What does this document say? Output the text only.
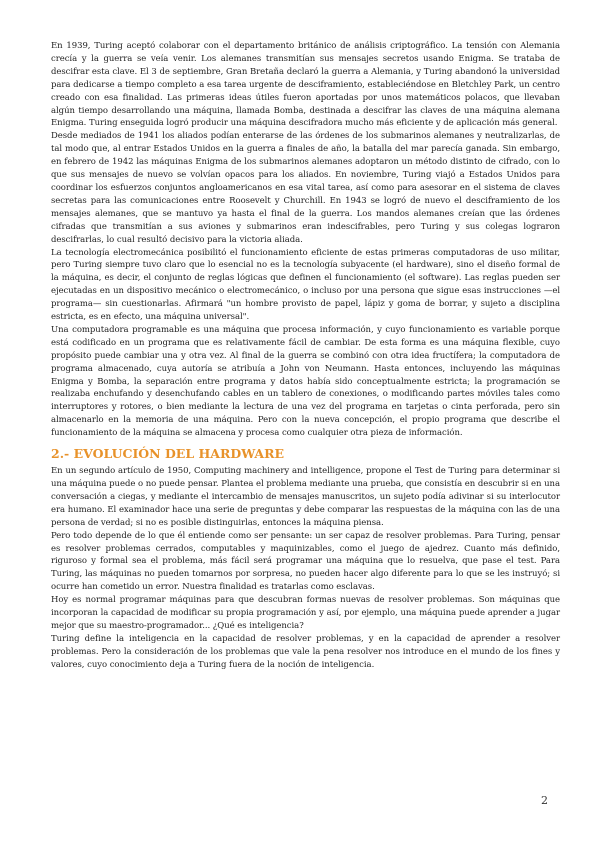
En 1939, Turing aceptó colaborar con el departamento británico de análisis criptográfico. La tensión con Alemania crecía y la guerra se veía venir. Los alemanes transmitían sus mensajes secretos usando Enigma. Se trataba de descifrar esta clave. El 3 de septiembre, Gran Bretaña declaró la guerra a Alemania, y Turing abandonó la universidad para dedicarse a tiempo completo a esa tarea urgente de desciframiento, estableciéndose en Bletchley Park, un centro creado con esa finalidad. Las primeras ideas útiles fueron aportadas por unos matemáticos polacos, que llevaban algún tiempo desarrollando una máquina, llamada Bomba, destinada a descifrar las claves de una máquina alemana Enigma. Turing enseguida logró producir una máquina descifradora mucho más eficiente y de aplicación más general.

Desde mediados de 1941 los aliados podían enterarse de las órdenes de los submarinos alemanes y neutralizarlas, de tal modo que, al entrar Estados Unidos en la guerra a finales de año, la batalla del mar parecía ganada. Sin embargo, en febrero de 1942 las máquinas Enigma de los submarinos alemanes adoptaron un método distinto de cifrado, con lo que sus mensajes de nuevo se volvían opacos para los aliados. En noviembre, Turing viajó a Estados Unidos para coordinar los esfuerzos conjuntos angloamericanos en esa vital tarea, así como para asesorar en el sistema de claves secretas para las comunicaciones entre Roosevelt y Churchill. En 1943 se logró de nuevo el desciframiento de los mensajes alemanes, que se mantuvo ya hasta el final de la guerra. Los mandos alemanes creían que las órdenes cifradas que transmitían a sus aviones y submarinos eran indescifrables, pero Turing y sus colegas lograron descifrarlas, lo cual resultó decisivo para la victoria aliada.

La tecnología electromecánica posibilitó el funcionamiento eficiente de estas primeras computadoras de uso militar, pero Turing siempre tuvo claro que lo esencial no es la tecnología subyacente (el hardware), sino el diseño formal de la máquina, es decir, el conjunto de reglas lógicas que definen el funcionamiento (el software). Las reglas pueden ser ejecutadas en un dispositivo mecánico o electromecánico, o incluso por una persona que sigue esas instrucciones —el programa— sin cuestionarlas. Afirmará "un hombre provisto de papel, lápiz y goma de borrar, y sujeto a disciplina estricta, es en efecto, una máquina universal".

Una computadora programable es una máquina que procesa información, y cuyo funcionamiento es variable porque está codificado en un programa que es relativamente fácil de cambiar. De esta forma es una máquina flexible, cuyo propósito puede cambiar una y otra vez. Al final de la guerra se combinó con otra idea fructífera; la computadora de programa almacenado, cuya autoría se atribuía a John von Neumann. Hasta entonces, incluyendo las máquinas Enigma y Bomba, la separación entre programa y datos había sido conceptualmente estricta; la programación se realizaba enchufando y desenchufando cables en un tablero de conexiones, o modificando partes móviles tales como interruptores y rotores, o bien mediante la lectura de una vez del programa en tarjetas o cinta perforada, pero sin almacenarlo en la memoria de una máquina. Pero con la nueva concepción, el propio programa que describe el funcionamiento de la máquina se almacena y procesa como cualquier otra pieza de información.

2.- EVOLUCIÓN DEL HARDWARE

En un segundo artículo de 1950, Computing machinery and intelligence, propone el Test de Turing para determinar si una máquina puede o no puede pensar. Plantea el problema mediante una prueba, que consistía en descubrir si en una conversación a ciegas, y mediante el intercambio de mensajes manuscritos, un sujeto podía adivinar si su interlocutor era humano. El examinador hace una serie de preguntas y debe comparar las respuestas de la máquina con las de una persona de verdad; si no es posible distinguirlas, entonces la máquina piensa.

Pero todo depende de lo que él entiende como ser pensante: un ser capaz de resolver problemas. Para Turing, pensar es resolver problemas cerrados, computables y maquinizables, como el juego de ajedrez. Cuanto más definido, riguroso y formal sea el problema, más fácil será programar una máquina que lo resuelva, que pase el test. Para Turing, las máquinas no pueden tomarnos por sorpresa, no pueden hacer algo diferente para lo que se les instruyó; si ocurre han cometido un error. Nuestra finalidad es tratarlas como esclavas.

Hoy es normal programar máquinas para que descubran formas nuevas de resolver problemas. Son máquinas que incorporan la capacidad de modificar su propia programación y así, por ejemplo, una máquina puede aprender a jugar mejor que su maestro-programador... ¿Qué es inteligencia?

Turing define la inteligencia en la capacidad de resolver problemas, y en la capacidad de aprender a resolver problemas. Pero la consideración de los problemas que vale la pena resolver nos introduce en el mundo de los fines y valores, cuyo conocimiento deja a Turing fuera de la noción de inteligencia.

2
